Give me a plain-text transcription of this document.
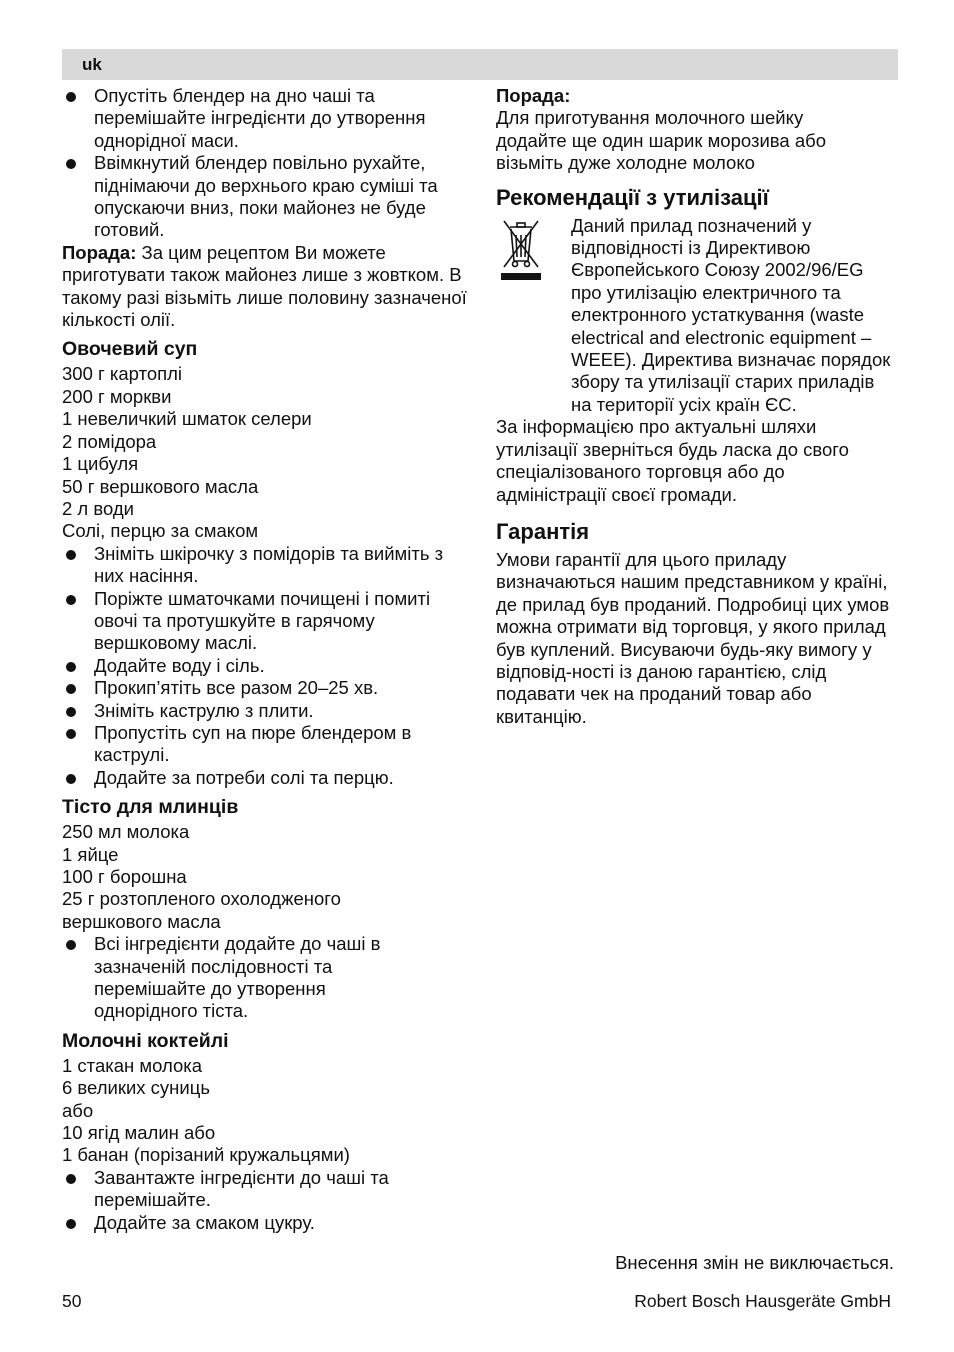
uk
Опустіть блендер на дно чаші та перемішайте інгредієнти до утворення однорідної маси.
Ввімкнутий блендер повільно рухайте, піднімаючи до верхнього краю суміші та опускаючи вниз, поки майонез не буде готовий.

Порада: За цим рецептом Ви можете приготувати також майонез лише з жовтком. В такому разі візьміть лише половину зазначеної кількості олії.

Овочевий суп
300 г картоплі
200 г моркви
1 невеличкий шматок селери
2 помідора
1 цибуля
50 г вершкового масла
2 л води
Солі, перцю за смаком
Зніміть шкірочку з помідорів та вийміть з них насіння.
Поріжте шматочками почищені і помиті овочі та протушкуйте в гарячому вершковому маслі.
Додайте воду і сіль.
Прокип’ятіть все разом 20–25 хв.
Зніміть каструлю з плити.
Пропустіть суп на пюре блендером в каструлі.
Додайте за потреби солі та перцю.
Тісто для млинців
250 мл молока
1 яйце
100 г борошна
25 г розтопленого охолодженого вершкового масла
Всі інгредієнти додайте до чаші в зазначеній послідовності та перемішайте до утворення однорідного тіста.
Молочні коктейлі
1 стакан молока
6 великих суниць
або
10 ягід малин або
1 банан (порізаний кружальцями)
Завантажте інгредієнти до чаші та перемішайте.
Додайте за смаком цукру.
Порада:

Для приготування молочного шейку додайте ще один шарик морозива або візьміть дуже холодне молоко

Рекомендації з утилізації
Даний прилад позначений у відповідності із Директивою Європейського Союзу 2002/96/EG про утилізацію електричного та електронного устаткування (waste electrical and electronic equipment – WEEE). Директива визначає порядок збору та утилізації старих приладів на території усіх країн ЄС.

За інформацією про актуальні шляхи утилізації зверніться будь ласка до свого спеціалізованого торговця або до адміністрації своєї громади.

Гарантія

Умови гарантії для цього приладу визначаються нашим представником у країні, де прилад був проданий. Подробиці цих умов можна отримати від торговця, у якого прилад був куплений. Висуваючи будь-яку вимогу у відповід-ності із даною гарантією, слід подавати чек на проданий товар або квитанцію.

Внесення змін не виключається.
50	Robert Bosch Hausgeräte GmbH
